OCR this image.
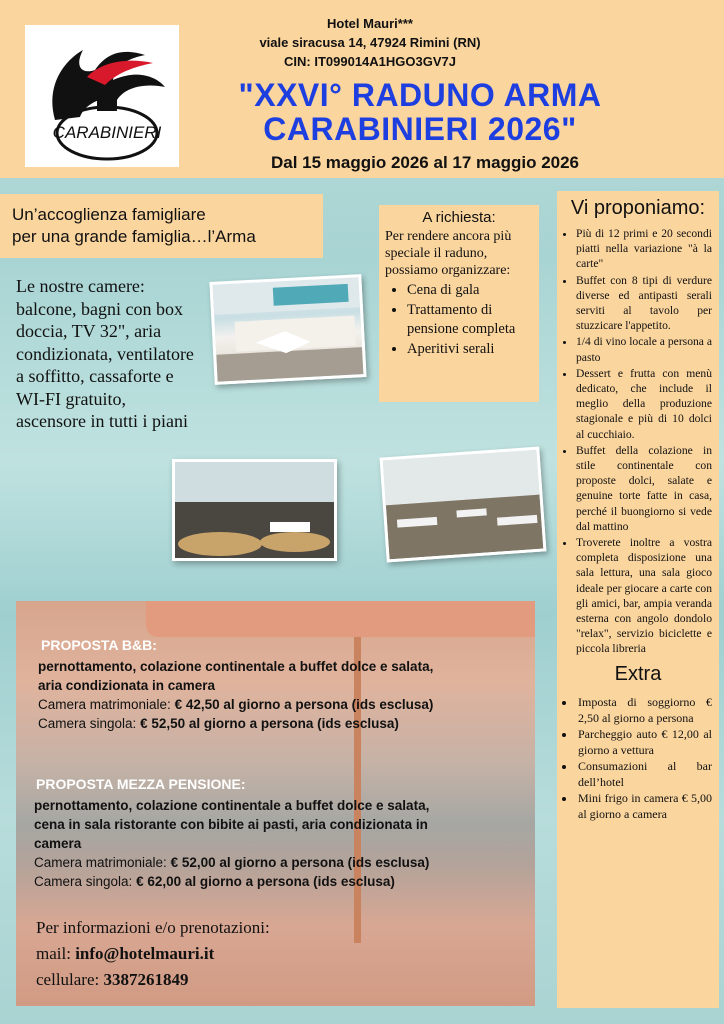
CARABINIERI
Hotel Mauri***
viale siracusa 14, 47924 Rimini (RN)
CIN: IT099014A1HGO3GV7J
"XXVI° RADUNO ARMA
CARABINIERI 2026"
Dal 15 maggio 2026 al 17 maggio 2026
Un’accoglienza famigliare
per una grande famiglia…l’Arma
Le nostre camere: balcone, bagni con box doccia, TV 32", aria condizionata, ventilatore a soffitto, cassaforte e WI-FI gratuito, ascensore in tutti i piani
A richiesta:
Per rendere ancora più speciale il raduno, possiamo organizzare:
• Cena di gala
• Trattamento di pensione completa
• Aperitivi serali
Vi proponiamo:
• Più di 12 primi e 20 secondi piatti nella variazione "à la carte"
• Buffet con 8 tipi di verdure diverse ed antipasti serali serviti al tavolo per stuzzicare l'appetito.
• 1/4 di vino locale a persona a pasto
• Dessert e frutta con menù dedicato, che include il meglio della produzione stagionale e più di 10 dolci al cucchiaio.
• Buffet della colazione in stile continentale con proposte dolci, salate e genuine torte fatte in casa, perché il buongiorno si vede dal mattino
• Troverete inoltre a vostra completa disposizione una sala lettura, una sala gioco ideale per giocare a carte con gli amici, bar, ampia veranda esterna con angolo dondolo "relax", servizio biciclette e piccola libreria
Extra
• Imposta di soggiorno € 2,50 al giorno a persona
• Parcheggio auto € 12,00 al giorno a vettura
• Consumazioni al bar dell’hotel
• Mini frigo in camera € 5,00 al giorno a camera
PROPOSTA B&B:
pernottamento, colazione continentale a buffet dolce e salata,
aria condizionata in camera
Camera matrimoniale: € 42,50 al giorno a persona (ids esclusa)
Camera singola: € 52,50 al giorno a persona (ids esclusa)
PROPOSTA MEZZA PENSIONE:
pernottamento, colazione continentale a buffet dolce e salata,
cena in sala ristorante con bibite ai pasti, aria condizionata in
camera
Camera matrimoniale: € 52,00 al giorno a persona (ids esclusa)
Camera singola: € 62,00 al giorno a persona (ids esclusa)
Per informazioni e/o prenotazioni:
mail: info@hotelmauri.it
cellulare: 3387261849
